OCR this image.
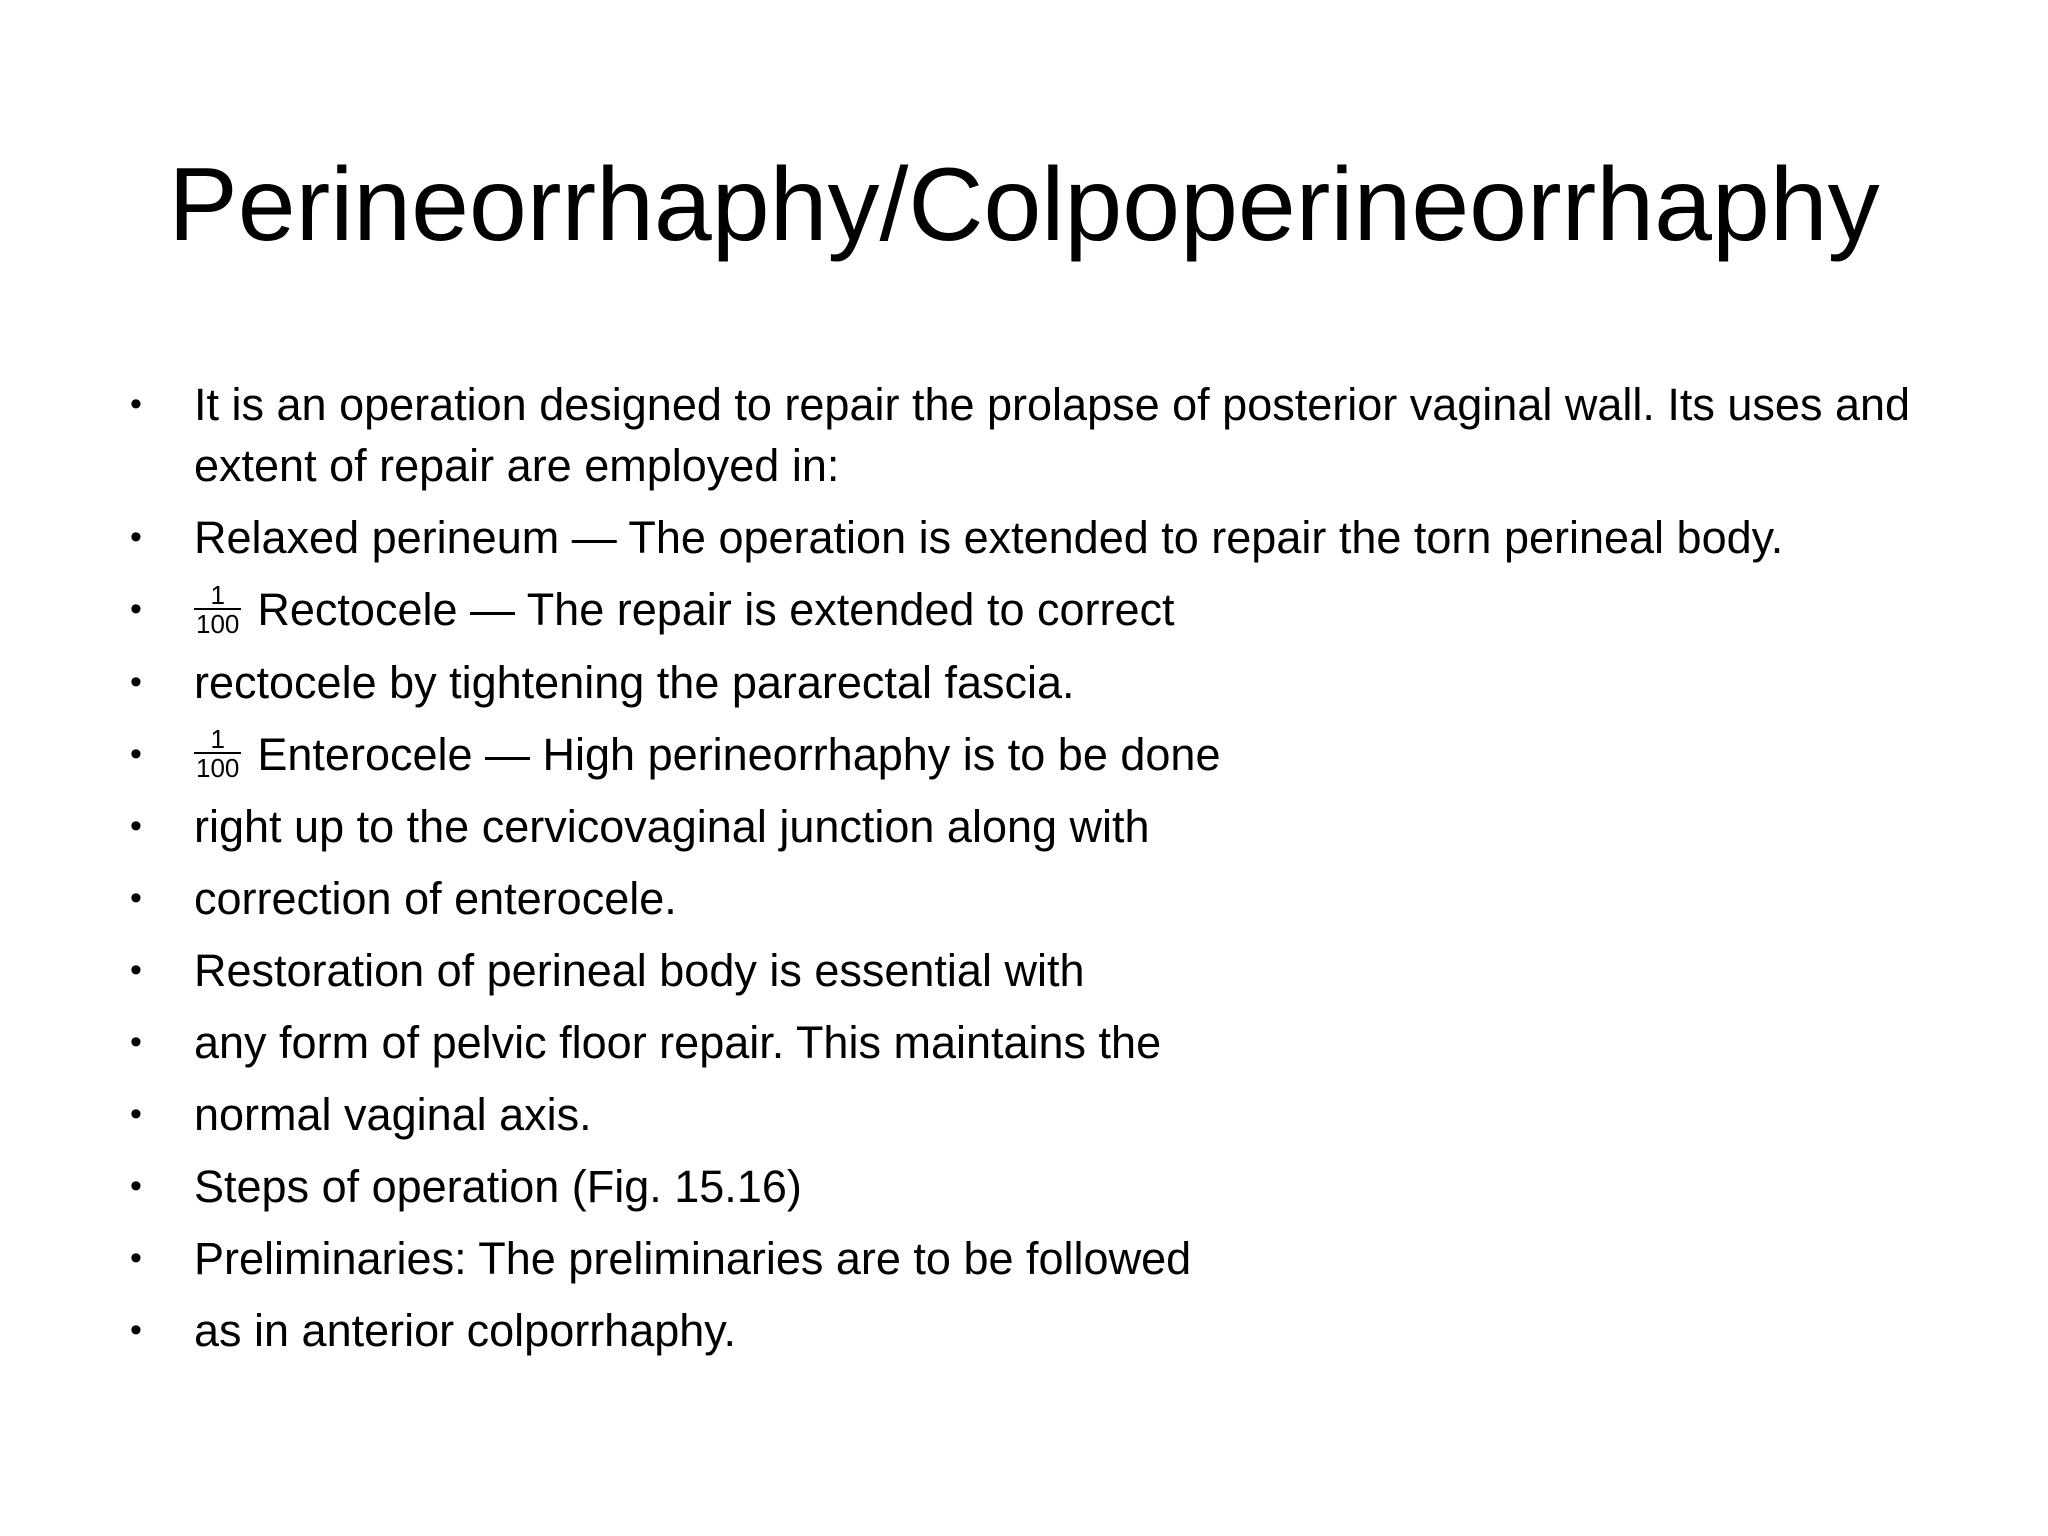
Perineorrhaphy/Colpoperineorrhaphy
• It is an operation designed to repair the prolapse of posterior vaginal wall. Its uses and extent of repair are employed in:
• Relaxed perineum — The operation is extended to repair the torn perineal body.
• $\frac{1}{100}$ Rectocele — The repair is extended to correct
• rectocele by tightening the pararectal fascia.
• $\frac{1}{100}$ Enterocele — High perineorrhaphy is to be done
• right up to the cervicovaginal junction along with
• correction of enterocele.
• Restoration of perineal body is essential with
• any form of pelvic floor repair. This maintains the
• normal vaginal axis.
• Steps of operation (Fig. 15.16)
• Preliminaries: The preliminaries are to be followed
• as in anterior colporrhaphy.
